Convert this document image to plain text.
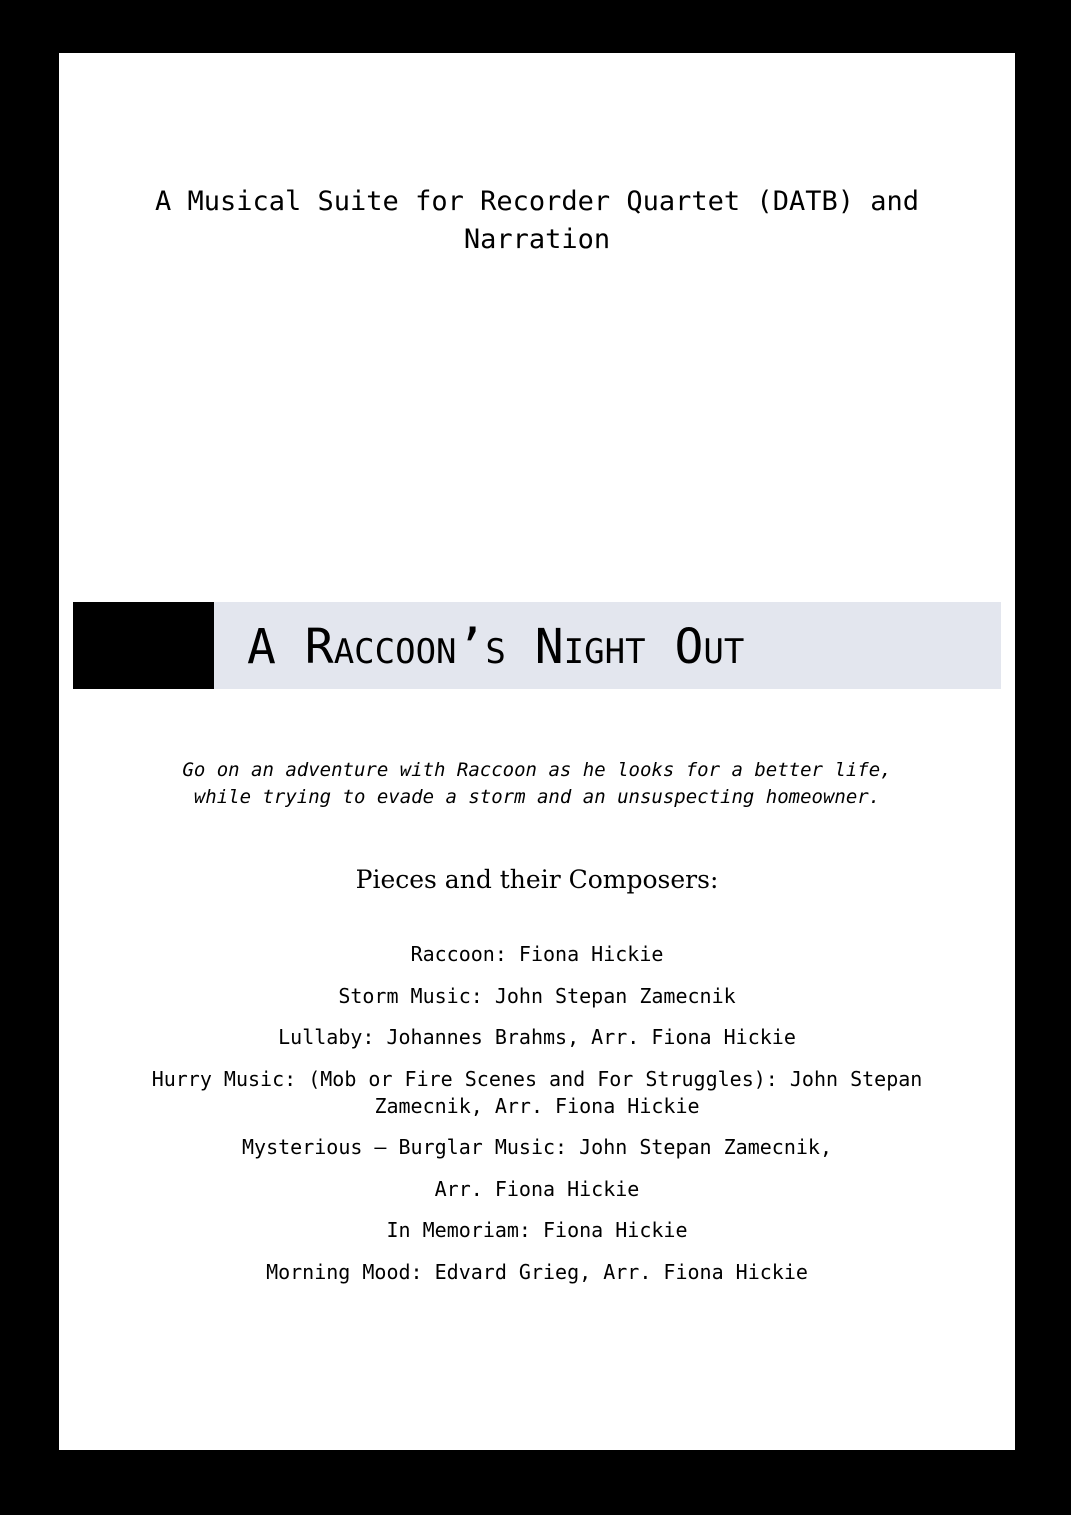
A Musical Suite for Recorder Quartet (DATB) and Narration
A Raccoon’s Night Out
Go on an adventure with Raccoon as he looks for a better life,
while trying to evade a storm and an unsuspecting homeowner.
Pieces and their Composers:
Raccoon: Fiona Hickie
Storm Music: John Stepan Zamecnik
Lullaby: Johannes Brahms, Arr. Fiona Hickie
Hurry Music: (Mob or Fire Scenes and For Struggles): John Stepan Zamecnik, Arr. Fiona Hickie
Mysterious – Burglar Music: John Stepan Zamecnik,
Arr. Fiona Hickie
In Memoriam: Fiona Hickie
Morning Mood: Edvard Grieg, Arr. Fiona Hickie
